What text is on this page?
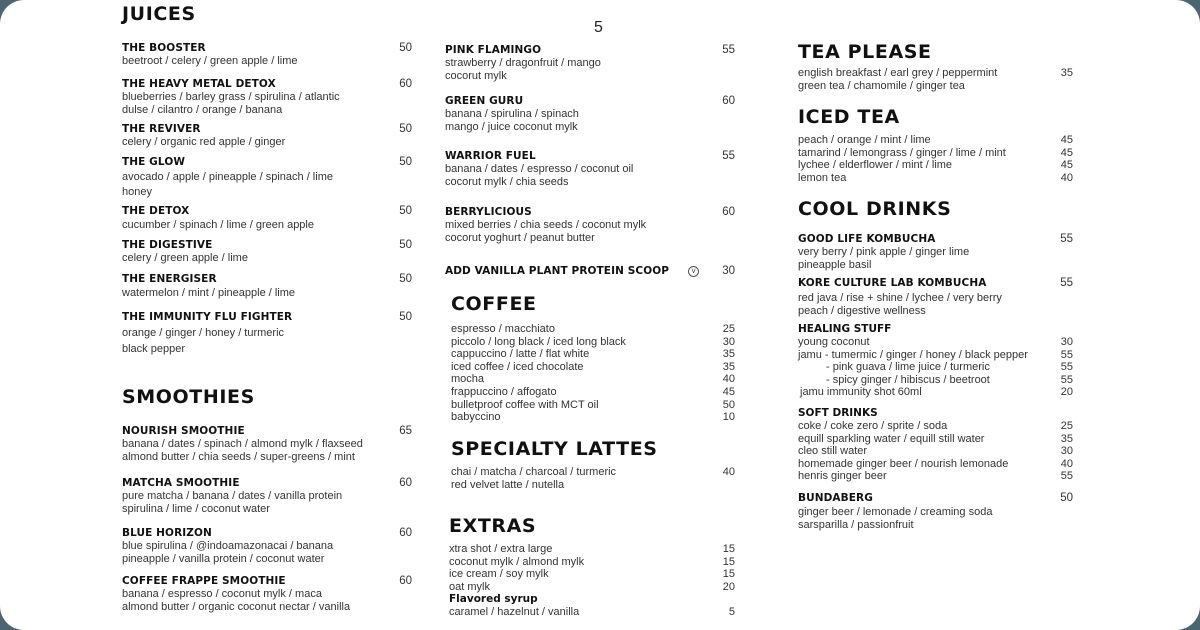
5
JUICES
THE BOOSTER	50
beetroot / celery / green apple / lime
THE HEAVY METAL DETOX	60
blueberries / barley grass / spirulina / atlantic
dulse / cilantro / orange / banana
THE REVIVER	50
celery / organic red apple / ginger
THE GLOW	50
avocado / apple / pineapple / spinach / lime
honey
THE DETOX	50
cucumber / spinach / lime / green apple
THE DIGESTIVE	50
celery / green apple / lime
THE ENERGISER	50
watermelon / mint / pineapple / lime
THE IMMUNITY FLU FIGHTER	50
orange / ginger / honey / turmeric
black pepper
SMOOTHIES
NOURISH SMOOTHIE	65
banana / dates / spinach / almond mylk / flaxseed
almond butter / chia seeds / super-greens / mint
MATCHA SMOOTHIE	60
pure matcha / banana / dates / vanilla protein
spirulina / lime / coconut water
BLUE HORIZON	60
blue spirulina / @indoamazonacai / banana
pineapple / vanilla protein / coconut water
COFFEE FRAPPE SMOOTHIE	60
banana / espresso / coconut mylk / maca
almond butter / organic coconut nectar / vanilla
PINK FLAMINGO	55
strawberry / dragonfruit / mango
cocorut mylk
GREEN GURU	60
banana / spirulina / spinach
mango / juice coconut mylk
WARRIOR FUEL	55
banana / dates / espresso / coconut oil
cocorut mylk / chia seeds
BERRYLICIOUS	60
mixed berries / chia seeds / coconut mylk
cocorut yoghurt / peanut butter
ADD VANILLA PLANT PROTEIN SCOOP	V	30
COFFEE
espresso / macchiato	25
piccolo / long black / iced long black	30
cappuccino / latte / flat white	35
iced coffee / iced chocolate	35
mocha	40
frappuccino / affogato	45
bulletproof coffee with MCT oil	50
babyccino	10
SPECIALTY LATTES
chai / matcha / charcoal / turmeric	40
red velvet latte / nutella
EXTRAS
xtra shot / extra large	15
coconut mylk / almond mylk	15
ice cream / soy mylk	15
oat mylk	20
Flavored syrup
caramel / hazelnut / vanilla	5
TEA PLEASE
english breakfast / earl grey / peppermint	35
green tea / chamomile / ginger tea
ICED TEA
peach / orange / mint / lime	45
tamarind / lemongrass / ginger / lime / mint	45
lychee / elderflower / mint / lime	45
lemon tea	40
COOL DRINKS
GOOD LIFE KOMBUCHA	55
very berry / pink apple / ginger lime
pineapple basil
KORE CULTURE LAB KOMBUCHA	55
red java / rise + shine / lychee / very berry
peach / digestive wellness
HEALING STUFF
young coconut	30
jamu - tumermic / ginger / honey / black pepper	55
- pink guava / lime juice / turmeric	55
- spicy ginger / hibiscus / beetroot	55
jamu immunity shot 60ml	20
SOFT DRINKS
coke / coke zero / sprite / soda	25
equill sparkling water / equill still water	35
cleo still water	30
homemade ginger beer / nourish lemonade	40
henris ginger beer	55
BUNDABERG	50
ginger beer / lemonade / creaming soda
sarsparilla / passionfruit
